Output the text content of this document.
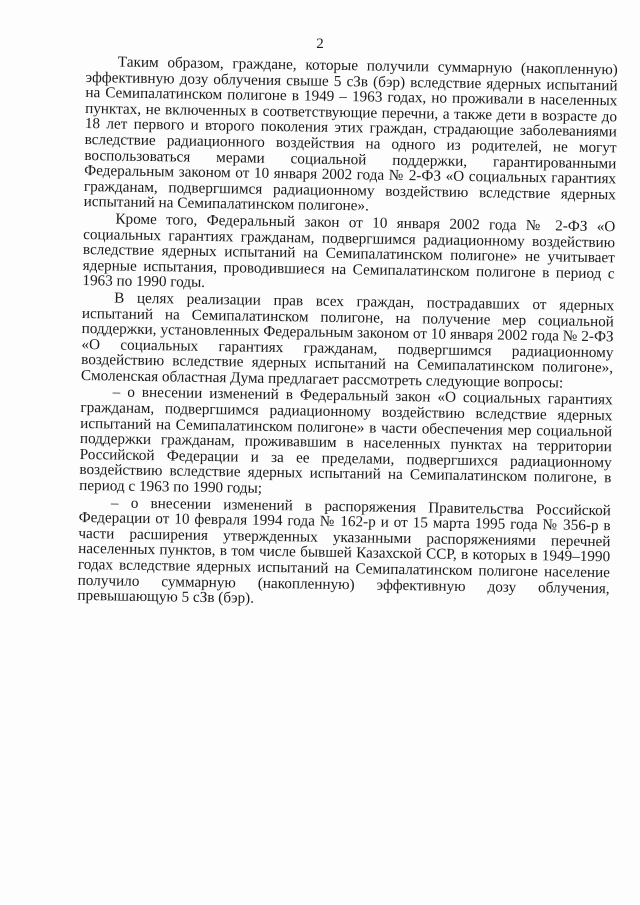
2

Таким образом, граждане, которые получили суммарную (накопленную) эффективную дозу облучения свыше 5 сЗв (бэр) вследствие ядерных испытаний на Семипалатинском полигоне в 1949 – 1963 годах, но проживали в населенных пунктах, не включенных в соответствующие перечни, а также дети в возрасте до 18 лет первого и второго поколения этих граждан, страдающие заболеваниями вследствие радиационного воздействия на одного из родителей, не могут воспользоваться мерами социальной поддержки, гарантированными Федеральным законом от 10 января 2002 года № 2-ФЗ «О социальных гарантиях гражданам, подвергшимся радиационному воздействию вследствие ядерных испытаний на Семипалатинском полигоне».

Кроме того, Федеральный закон от 10 января 2002 года № 2-ФЗ «О социальных гарантиях гражданам, подвергшимся радиационному воздействию вследствие ядерных испытаний на Семипалатинском полигоне» не учитывает ядерные испытания, проводившиеся на Семипалатинском полигоне в период с 1963 по 1990 годы.

В целях реализации прав всех граждан, пострадавших от ядерных испытаний на Семипалатинском полигоне, на получение мер социальной поддержки, установленных Федеральным законом от 10 января 2002 года № 2-ФЗ «О социальных гарантиях гражданам, подвергшимся радиационному воздействию вследствие ядерных испытаний на Семипалатинском полигоне», Смоленская областная Дума предлагает рассмотреть следующие вопросы:

– о внесении изменений в Федеральный закон «О социальных гарантиях гражданам, подвергшимся радиационному воздействию вследствие ядерных испытаний на Семипалатинском полигоне» в части обеспечения мер социальной поддержки гражданам, проживавшим в населенных пунктах на территории Российской Федерации и за ее пределами, подвергшихся радиационному воздействию вследствие ядерных испытаний на Семипалатинском полигоне, в период с 1963 по 1990 годы;

– о внесении изменений в распоряжения Правительства Российской Федерации от 10 февраля 1994 года № 162-р и от 15 марта 1995 года № 356-р в части расширения утвержденных указанными распоряжениями перечней населенных пунктов, в том числе бывшей Казахской ССР, в которых в 1949–1990 годах вследствие ядерных испытаний на Семипалатинском полигоне население получило суммарную (накопленную) эффективную дозу облучения, превышающую 5 сЗв (бэр).
